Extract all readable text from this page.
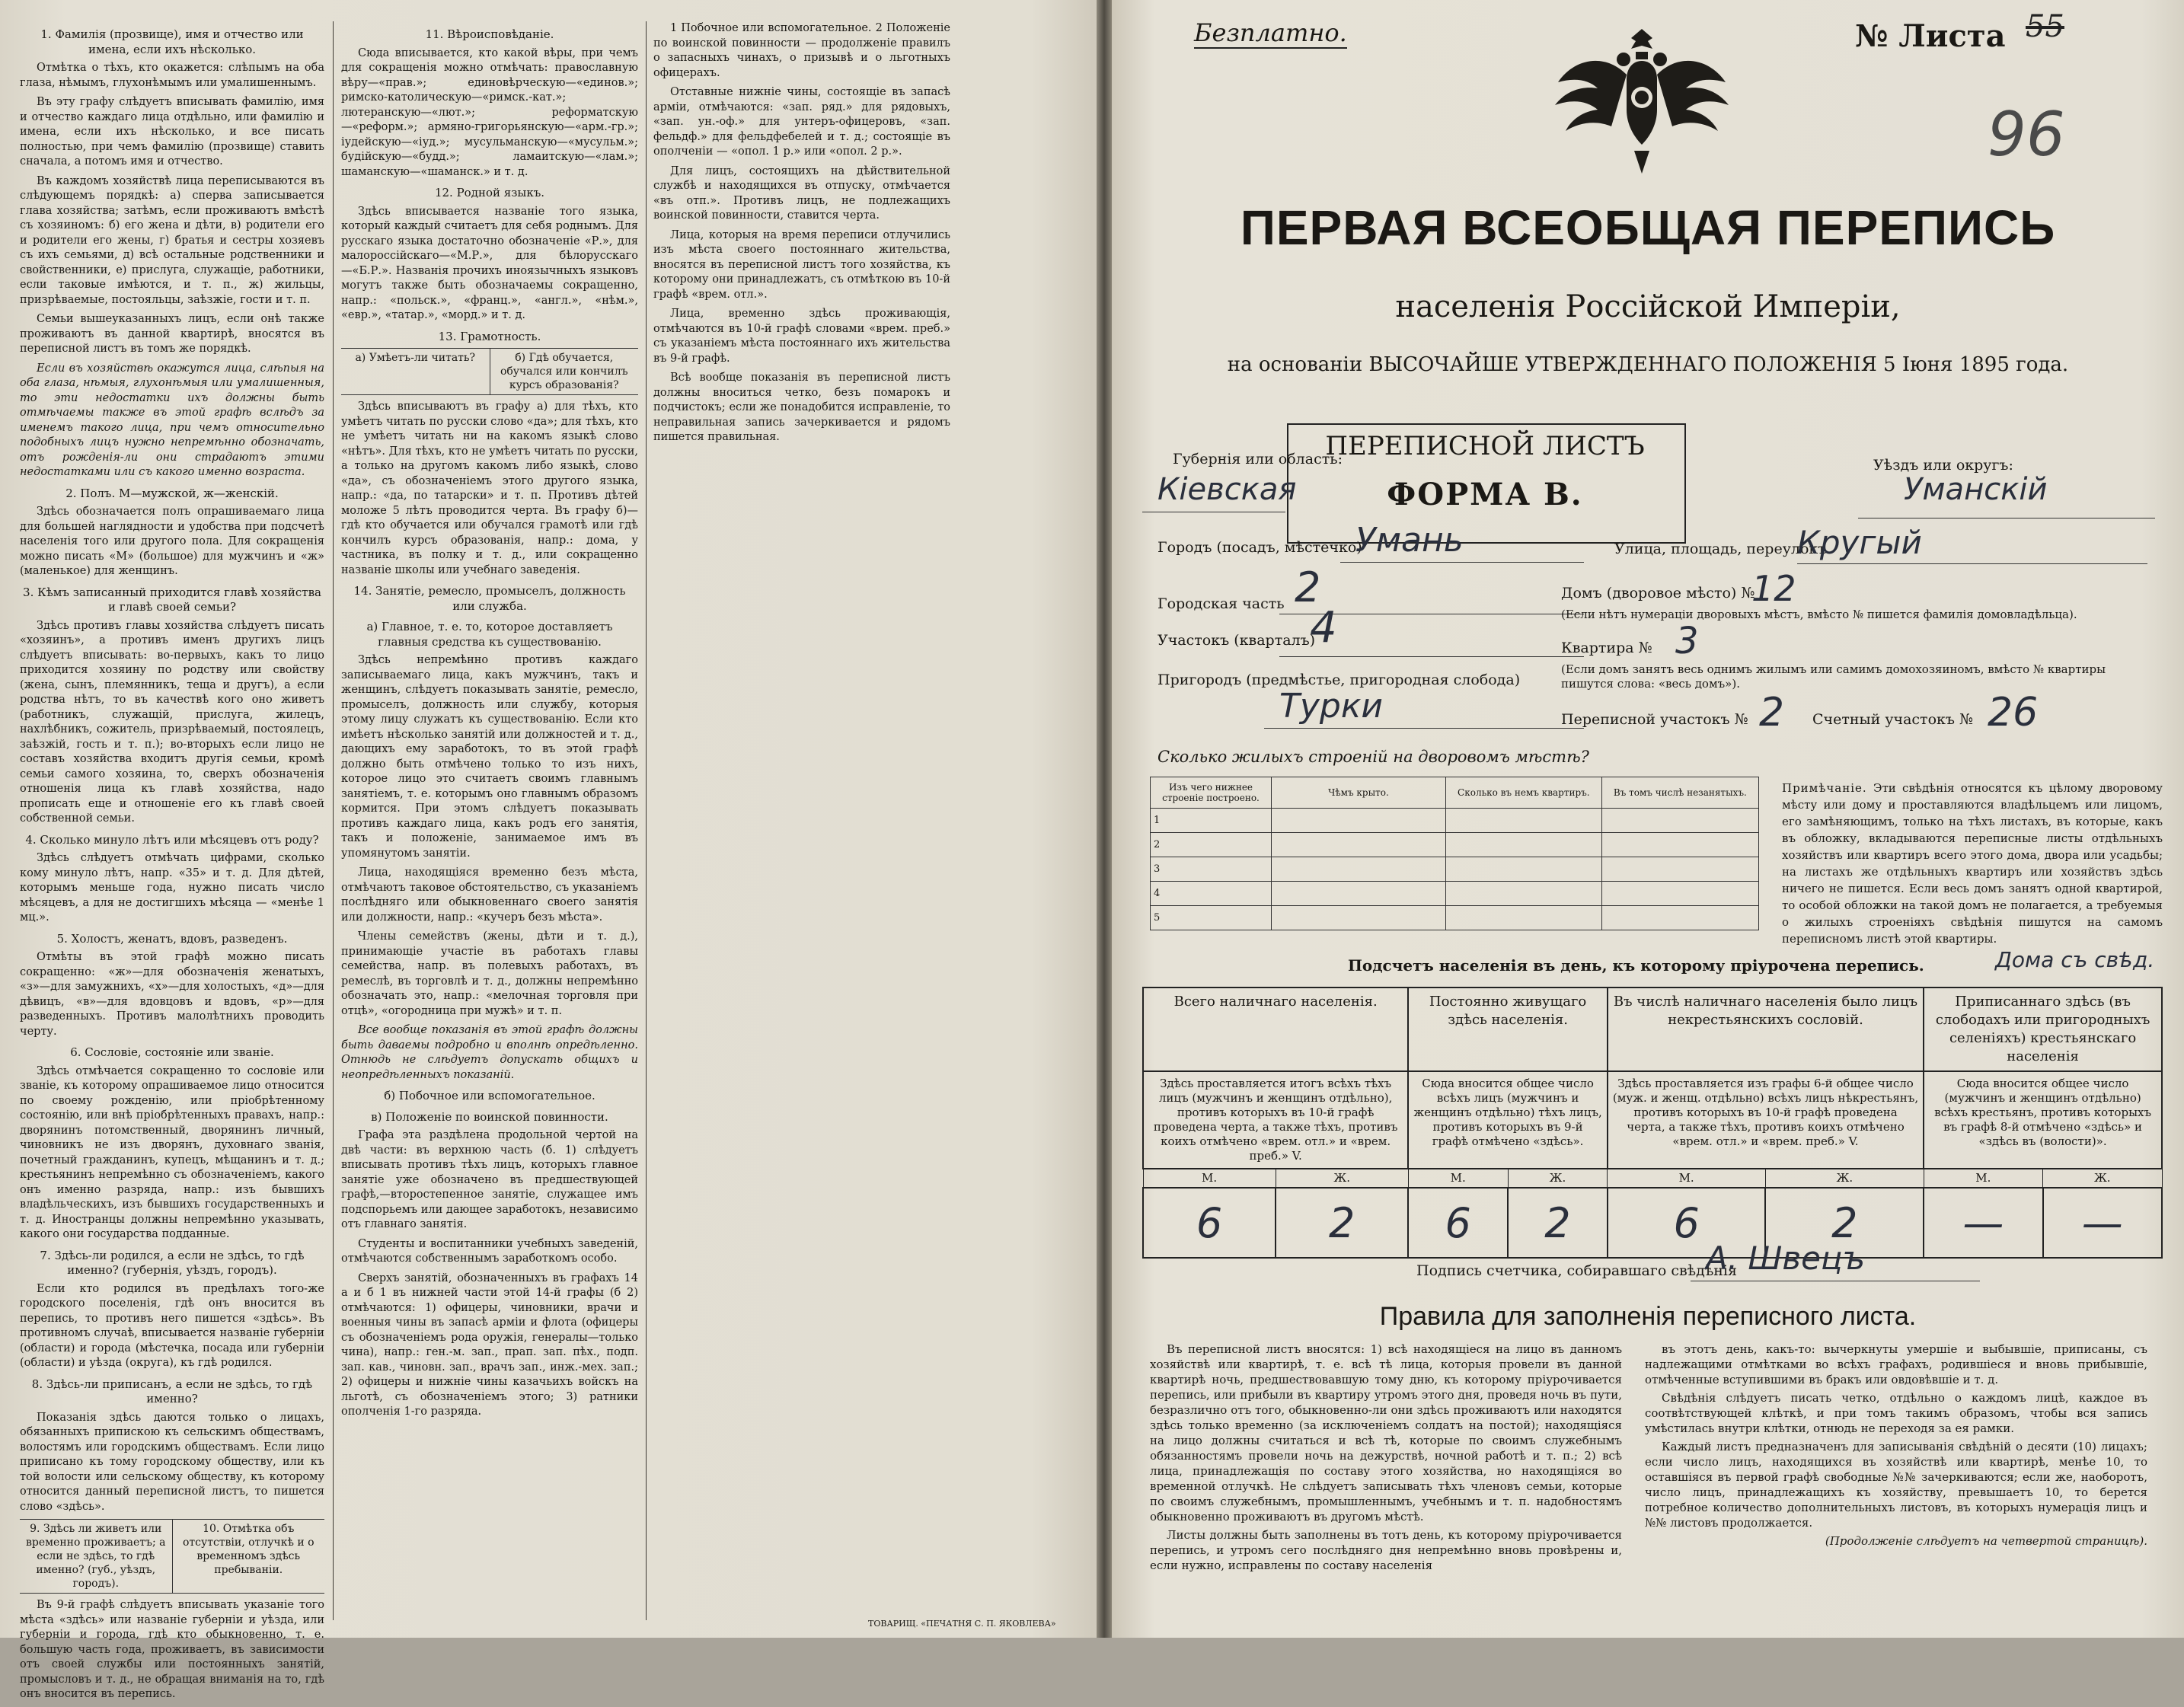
1. Фамилія (прозвище), имя и отчество или имена, если ихъ нѣсколько.

Отмѣтка о тѣхъ, кто окажется: слѣпымъ на оба глаза, нѣмымъ, глухонѣмымъ или умалишеннымъ.

Въ эту графу слѣдуетъ вписывать фамилію, имя и отчество каждаго лица отдѣльно, или фамилію и имена, если ихъ нѣсколько, и все писать полностью, при чемъ фамилію (прозвище) ставить сначала, а потомъ имя и отчество.

Въ каждомъ хозяйствѣ лица переписываются въ слѣдующемъ порядкѣ: а) сперва записывается глава хозяйства; затѣмъ, если проживаютъ вмѣстѣ съ хозяиномъ: б) его жена и дѣти, в) родители его и родители его жены, г) братья и сестры хозяевъ съ ихъ семьями, д) всѣ остальные родственники и свойственники, е) прислуга, служащіе, работники, если таковые имѣются, и т. п., ж) жильцы, призрѣваемые, постояльцы, заѣзжіе, гости и т. п.

Семьи вышеуказанныхъ лицъ, если онѣ также проживаютъ въ данной квартирѣ, вносятся въ переписной листъ въ томъ же порядкѣ.

Если въ хозяйствѣ окажутся лица, слѣпыя на оба глаза, нѣмыя, глухонѣмыя или умалишенныя, то эти недостатки ихъ должны быть отмѣчаемы также въ этой графѣ вслѣдъ за именемъ такого лица, при чемъ относительно подобныхъ лицъ нужно непремѣнно обозначать, отъ рожденія-ли они страдаютъ этими недостатками или съ какого именно возраста.

2. Полъ. М—мужской, ж—женскій.

Здѣсь обозначается полъ опрашиваемаго лица для большей наглядности и удобства при подсчетѣ населенія того или другого пола. Для сокращенія можно писать «М» (большое) для мужчинъ и «ж» (маленькое) для женщинъ.

3. Кѣмъ записанный приходится главѣ хозяйства и главѣ своей семьи?

Здѣсь противъ главы хозяйства слѣдуетъ писать «хозяинъ», а противъ именъ другихъ лицъ слѣдуетъ вписывать: во-первыхъ, какъ то лицо приходится хозяину по родству или свойству (жена, сынъ, племянникъ, теща и другъ), а если родства нѣтъ, то въ качествѣ кого оно живетъ (работникъ, служащій, прислуга, жилецъ, нахлѣбникъ, сожитель, призрѣваемый, постоялецъ, заѣзжій, гость и т. п.); во-вторыхъ если лицо не составъ хозяйства входитъ другія семьи, кромѣ семьи самого хозяина, то, сверхъ обозначенія отношенія лица къ главѣ хозяйства, надо прописать еще и отношеніе его къ главѣ своей собственной семьи.

4. Сколько минуло лѣтъ или мѣсяцевъ отъ роду?

Здѣсь слѣдуетъ отмѣчать цифрами, сколько кому минуло лѣтъ, напр. «35» и т. д. Для дѣтей, которымъ меньше года, нужно писать число мѣсяцевъ, а для не достигшихъ мѣсяца — «менѣе 1 мц.».

5. Холостъ, женатъ, вдовъ, разведенъ.

Отмѣты въ этой графѣ можно писать сокращенно: «ж»—для обозначенія женатыхъ, «з»—для замужнихъ, «х»—для холостыхъ, «д»—для дѣвицъ, «в»—для вдовцовъ и вдовъ, «р»—для разведенныхъ. Противъ малолѣтнихъ проводить черту.

6. Сословіе, состояніе или званіе.

Здѣсь отмѣчается сокращенно то сословіе или званіе, къ которому опрашиваемое лицо относится по своему рожденію, или пріобрѣтенному состоянію, или внѣ пріобрѣтенныхъ правахъ, напр.: дворянинъ потомственный, дворянинъ личный, чиновникъ не изъ дворянъ, духовнаго званія, почетный гражданинъ, купецъ, мѣщанинъ и т. д.; крестьянинъ непремѣнно съ обозначеніемъ, какого онъ именно разряда, напр.: изъ бывшихъ владѣльческихъ, изъ бывшихъ государственныхъ и т. д. Иностранцы должны непремѣнно указывать, какого они государства подданные.

7. Здѣсь-ли родился, а если не здѣсь, то гдѣ именно? (губернія, уѣздъ, городъ).

Если кто родился въ предѣлахъ того-же городского поселенія, гдѣ онъ вносится въ перепись, то противъ него пишется «здѣсь». Въ противномъ случаѣ, вписывается названіе губерніи (области) и города (мѣстечка, посада или губерніи (области) и уѣзда (округа), къ гдѣ родился.

8. Здѣсь-ли приписанъ, а если не здѣсь, то гдѣ именно?

Показанія здѣсь даются только о лицахъ, обязанныхъ припискою къ сельскимъ обществамъ, волостямъ или городскимъ обществамъ. Если лицо приписано къ тому городскому обществу, или къ той волости или сельскому обществу, къ которому относится данный переписной листъ, то пишется слово «здѣсь».

9. Здѣсь ли живетъ или временно проживаетъ; а если не здѣсь, то гдѣ именно? (губ., уѣздъ, городъ).
10. Отмѣтка объ отсутствіи, отлучкѣ и о временномъ здѣсь пребываніи.

Въ 9-й графѣ слѣдуетъ вписывать указаніе того мѣста «здѣсь» или названіе губерніи и уѣзда, или губерніи и города, гдѣ кто обыкновенно, т. е. большую часть года, проживаетъ, въ зависимости отъ своей службы или постоянныхъ занятій, промысловъ и т. д., не обращая вниманія на то, гдѣ онъ вносится въ перепись.

11. Вѣроисповѣданіе.

Сюда вписывается, кто какой вѣры, при чемъ для сокращенія можно отмѣчать: православную вѣру—«прав.»; единовѣрческую—«единов.»; римско-католическую—«римск.-кат.»; лютеранскую—«лют.»; реформатскую—«реформ.»; армяно-григорьянскую—«арм.-гр.»; іудейскую—«іуд.»; мусульманскую—«мусульм.»; будійскую—«будд.»; ламаитскую—«лам.»; шаманскую—«шаманск.» и т. д.

12. Родной языкъ.

Здѣсь вписывается названіе того языка, который каждый считаетъ для себя роднымъ. Для русскаго языка достаточно обозначеніе «Р.», для малороссійскаго—«М.Р.», для бѣлорусскаго—«Б.Р.». Названія прочихъ иноязычныхъ языковъ могутъ также быть обозначаемы сокращенно, напр.: «польск.», «франц.», «англ.», «нѣм.», «евр.», «татар.», «морд.» и т. д.

13. Грамотность.
а) Умѣетъ-ли читать?	б) Гдѣ обучается, обучался или кончилъ курсъ образованія?

Здѣсь вписываютъ въ графу а) для тѣхъ, кто умѣетъ читать по русски слово «да»; для тѣхъ, кто не умѣетъ читать ни на какомъ языкѣ слово «нѣтъ». Для тѣхъ, кто не умѣетъ читать по русски, а только на другомъ какомъ либо языкѣ, слово «да», съ обозначеніемъ этого другого языка, напр.: «да, по татарски» и т. п. Противъ дѣтей моложе 5 лѣтъ проводится черта. Въ графу б)—гдѣ кто обучается или обучался грамотѣ или гдѣ кончилъ курсъ образованія, напр.: дома, у частника, въ полку и т. д., или сокращенно названіе школы или учебнаго заведенія.

14. Занятіе, ремесло, промыселъ, должность или служба.
а) Главное, т. е. то, которое доставляетъ главныя средства къ существованію.

Здѣсь непремѣнно противъ каждаго записываемаго лица, какъ мужчинъ, такъ и женщинъ, слѣдуетъ показывать занятіе, ремесло, промыселъ, должность или службу, которыя этому лицу служатъ къ существованію. Если кто имѣетъ нѣсколько занятій или должностей и т. д., дающихъ ему заработокъ, то въ этой графѣ должно быть отмѣчено только то изъ нихъ, которое лицо это считаетъ своимъ главнымъ занятіемъ, т. е. которымъ оно главнымъ образомъ кормится. При этомъ слѣдуетъ показывать противъ каждаго лица, какъ родъ его занятія, такъ и положеніе, занимаемое имъ въ упомянутомъ занятіи.

Лица, находящіяся временно безъ мѣста, отмѣчаютъ таковое обстоятельство, съ указаніемъ послѣдняго или обыкновеннаго своего занятія или должности, напр.: «кучеръ безъ мѣста».

Члены семействъ (жены, дѣти и т. д.), принимающіе участіе въ работахъ главы семейства, напр. въ полевыхъ работахъ, въ ремеслѣ, въ торговлѣ и т. д., должны непремѣнно обозначать это, напр.: «мелочная торговля при отцѣ», «огородница при мужѣ» и т. п.

Все вообще показанія въ этой графѣ должны быть даваемы подробно и вполнѣ опредѣленно. Отнюдь не слѣдуетъ допускать общихъ и неопредѣленныхъ показаній.

б) Побочное или вспомогательное.
в) Положеніе по воинской повинности.

Графа эта раздѣлена продольной чертой на двѣ части: въ верхнюю часть (б. 1) слѣдуетъ вписывать противъ тѣхъ лицъ, которыхъ главное занятіе уже обозначено въ предшествующей графѣ,—второстепенное занятіе, служащее имъ подспорьемъ или дающее заработокъ, независимо отъ главнаго занятія.

Студенты и воспитанники учебныхъ заведеній, отмѣчаются собственнымъ заработкомъ особо.

Сверхъ занятій, обозначенныхъ въ графахъ 14 а и б 1 въ нижней части этой 14-й графы (б 2) отмѣчаются: 1) офицеры, чиновники, врачи и военныя чины въ запасѣ арміи и флота (офицеры съ обозначеніемъ рода оружія, генералы—только чина), напр.: ген.-м. зап., прап. зап. пѣх., подп. зап. кав., чиновн. зап., врачъ зап., инж.-мех. зап.; 2) офицеры и нижніе чины казачьихъ войскъ на льготѣ, съ обозначеніемъ этого; 3) ратники ополченія 1-го разряда.

1 Побочное или вспомогательное. 2 Положеніе по воинской повинности — продолженіе правилъ о запасныхъ чинахъ, о призывѣ и о льготныхъ офицерахъ.

Отставные нижніе чины, состоящіе въ запасѣ арміи, отмѣчаются: «зап. ряд.» для рядовыхъ, «зап. ун.-оф.» для унтеръ-офицеровъ, «зап. фельдф.» для фельдфебелей и т. д.; состоящіе въ ополченіи — «опол. 1 р.» или «опол. 2 р.».

Для лицъ, состоящихъ на дѣйствительной службѣ и находящихся въ отпуску, отмѣчается «въ отп.». Противъ лицъ, не подлежащихъ воинской повинности, ставится черта.

Лица, которыя на время переписи отлучились изъ мѣста своего постояннаго жительства, вносятся въ переписной листъ того хозяйства, къ которому они принадлежатъ, съ отмѣткою въ 10-й графѣ «врем. отл.».

Лица, временно здѣсь проживающія, отмѣчаются въ 10-й графѣ словами «врем. преб.» съ указаніемъ мѣста постояннаго ихъ жительства въ 9-й графѣ.

Всѣ вообще показанія въ переписной листъ должны вноситься четко, безъ помарокъ и подчистокъ; если же понадобится исправленіе, то неправильная запись зачеркивается и рядомъ пишется правильная.

ТОВАРИЩ. «ПЕЧАТНЯ С. П. ЯКОВЛЕВА»
Безплатно.	№ Листа 55
96
ПЕРВАЯ ВСЕОБЩАЯ ПЕРЕПИСЬ
населенія Россійской Имперіи,
на основаніи ВЫСОЧАЙШЕ УТВЕРЖДЕННАГО ПОЛОЖЕНІЯ 5 Іюня 1895 года.
ПЕРЕПИСНОЙ ЛИСТЪ
ФОРМА В.
Губернія или область:
Кіевская
Уѣздъ или округъ:
Уманскій
Городъ (посадъ, мѣстечко)
Умань	Улица, площадь, переулокъ
Кругый
Городская часть 2	Домъ (дворовое мѣсто) №
12
(Если нѣтъ нумераціи дворовыхъ мѣстъ, вмѣсто № пишется фамилія домовладѣльца).
Участокъ (кварталъ)
4	Квартира № 3
(Если домъ занятъ весь однимъ жилымъ или самимъ домохозяиномъ, вмѣсто № квартиры пишутся слова: «весь домъ»).
Пригородъ (предмѣстье, пригородная слобода)
Турки	Переписной участокъ № 2 Счетный участокъ № 26
Сколько жилыхъ строеній на дворовомъ мѣстѣ?
Изъ чего нижнее строеніе построено.	Чѣмъ крыто.	Сколько въ немъ квартиръ.	Въ томъ числѣ незанятыхъ.
1			
2			
3			
4			
5			
Примѣчаніе. Эти свѣдѣнія относятся къ цѣлому дворовому мѣсту или дому и проставляются владѣльцемъ или лицомъ, его замѣняющимъ, только на тѣхъ листахъ, въ которые, какъ въ обложку, вкладываются переписные листы отдѣльныхъ хозяйствъ или квартиръ всего этого дома, двора или усадьбы; на листахъ же отдѣльныхъ квартиръ или хозяйствъ здѣсь ничего не пишется. Если весь домъ занятъ одной квартирой, то особой обложки на такой домъ не полагается, а требуемыя о жилыхъ строеніяхъ свѣдѣнія пишутся на самомъ переписномъ листѣ этой квартиры.
Подсчетъ населенія въ день, къ которому пріурочена перепись.	Дома съ свѣд.
Всего наличнаго населенія.		Постоянно живущаго здѣсь населенія.		Въ числѣ наличнаго населенія было лицъ некрестьянскихъ сословій.		Приписаннаго здѣсь (въ слободахъ или пригородныхъ селеніяхъ) крестьянскаго населенія	
Здѣсь проставляется итогъ всѣхъ тѣхъ лицъ (мужчинъ и женщинъ отдѣльно), противъ которыхъ въ 10-й графѣ проведена черта, а также тѣхъ, противъ коихъ отмѣчено «врем. отл.» и «врем. преб.» V.		Сюда вносится общее число всѣхъ лицъ (мужчинъ и женщинъ отдѣльно) тѣхъ лицъ, противъ которыхъ въ 9-й графѣ отмѣчено «здѣсь».		Здѣсь проставляется изъ графы 6-й общее число (муж. и женщ. отдѣльно) всѣхъ лицъ нѣкрестьянъ, противъ которыхъ въ 10-й графѣ проведена черта, а также тѣхъ, противъ коихъ отмѣчено «врем. отл.» и «врем. преб.» V.		Сюда вносится общее число (мужчинъ и женщинъ отдѣльно) всѣхъ крестьянъ, противъ которыхъ въ графѣ 8-й отмѣчено «здѣсь» и «здѣсь въ (волости)».	
М.	Ж.	М.	Ж.	М.	Ж.	М.	Ж.
6	2	6	2	6	2	—	—
Подпись счетчика, собиравшаго свѣдѣнія
А. Швецъ
Правила для заполненія переписного листа.

Въ переписной листъ вносятся: 1) всѣ находящіеся на лицо въ данномъ хозяйствѣ или квартирѣ, т. е. всѣ тѣ лица, которыя провели въ данной квартирѣ ночь, предшествовавшую тому дню, къ которому пріурочивается перепись, или прибыли въ квартиру утромъ этого дня, проведя ночь въ пути, безразлично отъ того, обыкновенно-ли они здѣсь проживаютъ или находятся здѣсь только временно (за исключеніемъ солдатъ на постой); находящіяся на лицо должны считаться и всѣ тѣ, которые по своимъ служебнымъ обязанностямъ провели ночь на дежурствѣ, ночной работѣ и т. п.; 2) всѣ лица, принадлежащія по составу этого хозяйства, но находящіяся во временной отлучкѣ. Не слѣдуетъ записывать тѣхъ членовъ семьи, которые по своимъ служебнымъ, промышленнымъ, учебнымъ и т. п. надобностямъ обыкновенно проживаютъ въ другомъ мѣстѣ.

Листы должны быть заполнены въ тотъ день, къ которому пріурочивается перепись, и утромъ сего послѣдняго дня непремѣнно вновь провѣрены и, если нужно, исправлены по составу населенія

въ этотъ день, какъ-то: вычеркнуты умершіе и выбывшіе, приписаны, съ надлежащими отмѣтками во всѣхъ графахъ, родившіеся и вновь прибывшіе, отмѣченные вступившими въ бракъ или овдовѣвшіе и т. д.

Свѣдѣнія слѣдуетъ писать четко, отдѣльно о каждомъ лицѣ, каждое въ соотвѣтствующей клѣткѣ, и при томъ такимъ образомъ, чтобы вся запись умѣстилась внутри клѣтки, отнюдь не переходя за ея рамки.

Каждый листъ предназначенъ для записыванія свѣдѣній о десяти (10) лицахъ; если число лицъ, находящихся въ хозяйствѣ или квартирѣ, менѣе 10, то оставшіяся въ первой графѣ свободные №№ зачеркиваются; если же, наоборотъ, число лицъ, принадлежащихъ къ хозяйству, превышаетъ 10, то берется потребное количество дополнительныхъ листовъ, въ которыхъ нумерація лицъ и №№ листовъ продолжается.

(Продолженіе слѣдуетъ на четвертой страницѣ).
